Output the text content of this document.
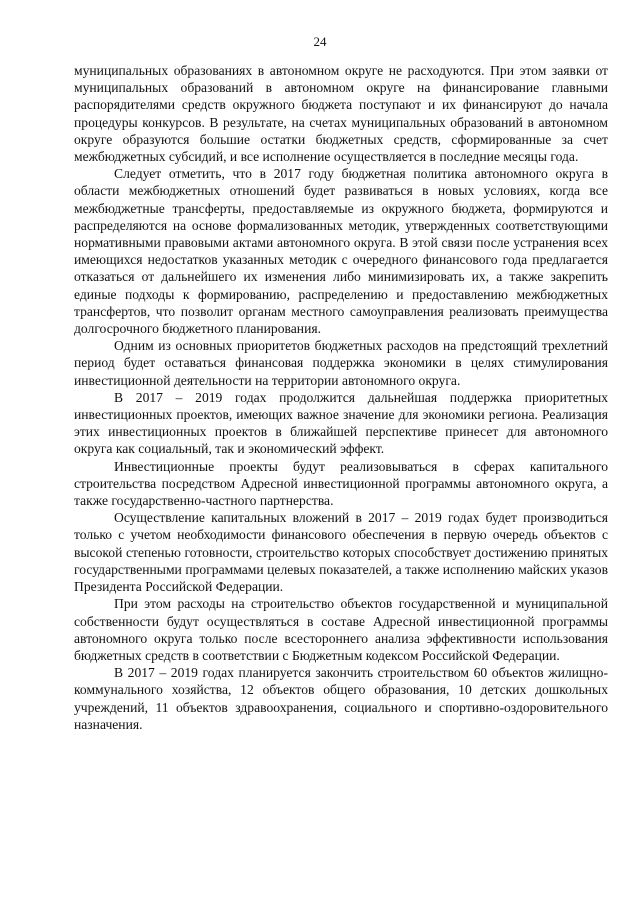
24

муниципальных образованиях в автономном округе не расходуются. При этом заявки от муниципальных образований в автономном округе на финансирование главными распорядителями средств окружного бюджета поступают и их финансируют до начала процедуры конкурсов. В результате, на счетах муниципальных образований в автономном округе образуются большие остатки бюджетных средств, сформированные за счет межбюджетных субсидий, и все исполнение осуществляется в последние месяцы года.

Следует отметить, что в 2017 году бюджетная политика автономного округа в области межбюджетных отношений будет развиваться в новых условиях, когда все межбюджетные трансферты, предоставляемые из окружного бюджета, формируются и распределяются на основе формализованных методик, утвержденных соответствующими нормативными правовыми актами автономного округа. В этой связи после устранения всех имеющихся недостатков указанных методик с очередного финансового года предлагается отказаться от дальнейшего их изменения либо минимизировать их, а также закрепить единые подходы к формированию, распределению и предоставлению межбюджетных трансфертов, что позволит органам местного самоуправления реализовать преимущества долгосрочного бюджетного планирования.

Одним из основных приоритетов бюджетных расходов на предстоящий трехлетний период будет оставаться финансовая поддержка экономики в целях стимулирования инвестиционной деятельности на территории автономного округа.

В 2017 – 2019 годах продолжится дальнейшая поддержка приоритетных инвестиционных проектов, имеющих важное значение для экономики региона. Реализация этих инвестиционных проектов в ближайшей перспективе принесет для автономного округа как социальный, так и экономический эффект.

Инвестиционные проекты будут реализовываться в сферах капитального строительства посредством Адресной инвестиционной программы автономного округа, а также государственно-частного партнерства.

Осуществление капитальных вложений в 2017 – 2019 годах будет производиться только с учетом необходимости финансового обеспечения в первую очередь объектов с высокой степенью готовности, строительство которых способствует достижению принятых государственными программами целевых показателей, а также исполнению майских указов Президента Российской Федерации.

При этом расходы на строительство объектов государственной и муниципальной собственности будут осуществляться в составе Адресной инвестиционной программы автономного округа только после всестороннего анализа эффективности использования бюджетных средств в соответствии с Бюджетным кодексом Российской Федерации.

В 2017 – 2019 годах планируется закончить строительством 60 объектов жилищно-коммунального хозяйства, 12 объектов общего образования, 10 детских дошкольных учреждений, 11 объектов здравоохранения, социального и спортивно-оздоровительного назначения.
